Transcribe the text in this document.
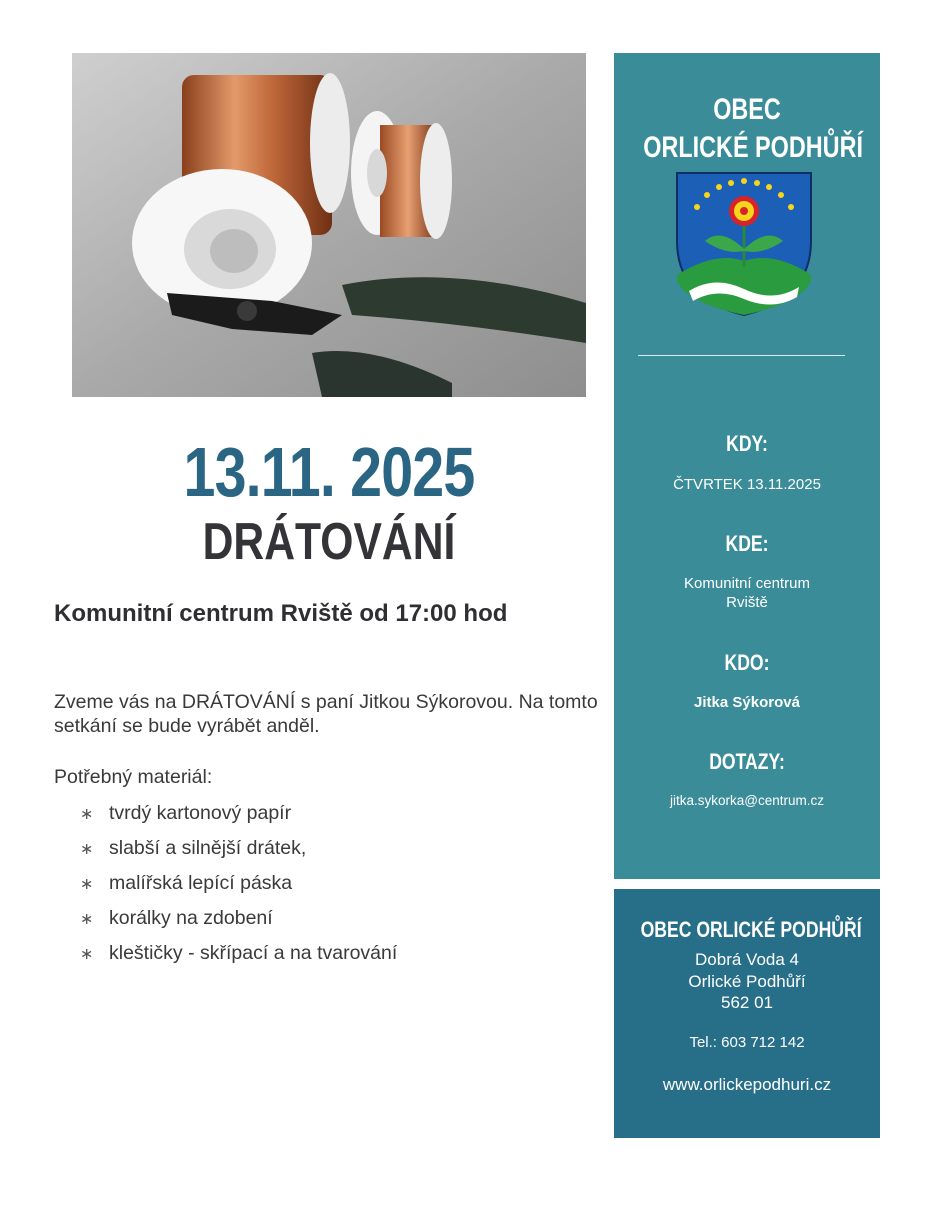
13.11. 2025
DRÁTOVÁNÍ
Komunitní centrum Rviště od 17:00 hod
Zveme vás na DRÁTOVÁNÍ s paní Jitkou Sýkorovou. Na tomto setkání se bude vyrábět anděl.
Potřebný materiál:
∗ tvrdý kartonový papír
∗ slabší a silnější drátek,
∗ malířská lepící páska
∗ korálky na zdobení
∗ kleštičky - skřípací a na tvarování
OBEC
ORLICKÉ PODHŮŘÍ
KDY:
ČTVRTEK 13.11.2025
KDE:
Komunitní centrum
Rviště
KDO:
Jitka Sýkorová
DOTAZY:
jitka.sykorka@centrum.cz
OBEC ORLICKÉ PODHŮŘÍ
Dobrá Voda 4
Orlické Podhůří
562 01
Tel.: 603 712 142
www.orlickepodhuri.cz
